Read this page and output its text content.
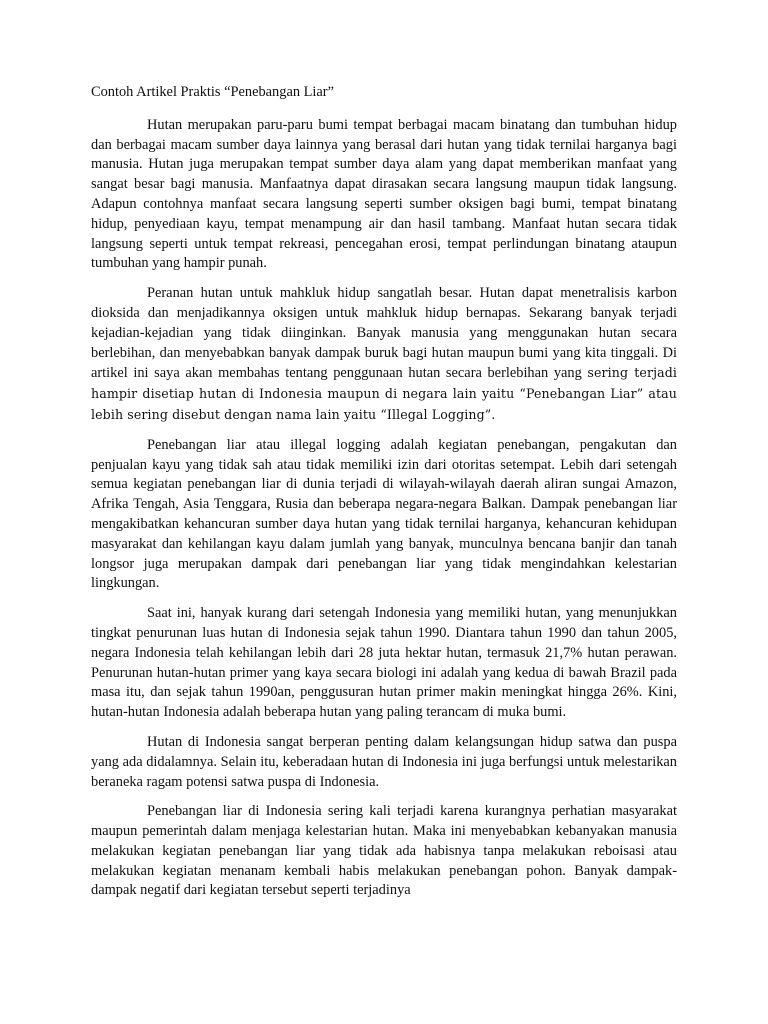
Contoh Artikel Praktis “Penebangan Liar”

Hutan merupakan paru-paru bumi tempat berbagai macam binatang dan tumbuhan hidup dan berbagai macam sumber daya lainnya yang berasal dari hutan yang tidak ternilai harganya bagi manusia. Hutan juga merupakan tempat sumber daya alam yang dapat memberikan manfaat yang sangat besar bagi manusia. Manfaatnya dapat dirasakan secara langsung maupun tidak langsung. Adapun contohnya manfaat secara langsung seperti sumber oksigen bagi bumi, tempat binatang hidup, penyediaan kayu, tempat menampung air dan hasil tambang. Manfaat hutan secara tidak langsung seperti untuk tempat rekreasi, pencegahan erosi, tempat perlindungan binatang ataupun tumbuhan yang hampir punah.

Peranan hutan untuk mahkluk hidup sangatlah besar. Hutan dapat menetralisis karbon dioksida dan menjadikannya oksigen untuk mahkluk hidup bernapas. Sekarang banyak terjadi kejadian-kejadian yang tidak diinginkan. Banyak manusia yang menggunakan hutan secara berlebihan, dan menyebabkan banyak dampak buruk bagi hutan maupun bumi yang kita tinggali. Di artikel ini saya akan membahas tentang penggunaan hutan secara berlebihan yang sering terjadi hampir disetiap hutan di Indonesia maupun di negara lain yaitu “Penebangan Liar” atau lebih sering disebut dengan nama lain yaitu “Illegal Logging”.

Penebangan liar atau illegal logging adalah kegiatan penebangan, pengakutan dan penjualan kayu yang tidak sah atau tidak memiliki izin dari otoritas setempat. Lebih dari setengah semua kegiatan penebangan liar di dunia terjadi di wilayah-wilayah daerah aliran sungai Amazon, Afrika Tengah, Asia Tenggara, Rusia dan beberapa negara-negara Balkan. Dampak penebangan liar mengakibatkan kehancuran sumber daya hutan yang tidak ternilai harganya, kehancuran kehidupan masyarakat dan kehilangan kayu dalam jumlah yang banyak, munculnya bencana banjir dan tanah longsor juga merupakan dampak dari penebangan liar yang tidak mengindahkan kelestarian lingkungan.

Saat ini, hanyak kurang dari setengah Indonesia yang memiliki hutan, yang menunjukkan tingkat penurunan luas hutan di Indonesia sejak tahun 1990. Diantara tahun 1990 dan tahun 2005, negara Indonesia telah kehilangan lebih dari 28 juta hektar hutan, termasuk 21,7% hutan perawan. Penurunan hutan-hutan primer yang kaya secara biologi ini adalah yang kedua di bawah Brazil pada masa itu, dan sejak tahun 1990an, penggusuran hutan primer makin meningkat hingga 26%. Kini, hutan-hutan Indonesia adalah beberapa hutan yang paling terancam di muka bumi.

Hutan di Indonesia sangat berperan penting dalam kelangsungan hidup satwa dan puspa yang ada didalamnya. Selain itu, keberadaan hutan di Indonesia ini juga berfungsi untuk melestarikan beraneka ragam potensi satwa puspa di Indonesia.

Penebangan liar di Indonesia sering kali terjadi karena kurangnya perhatian masyarakat maupun pemerintah dalam menjaga kelestarian hutan. Maka ini menyebabkan kebanyakan manusia melakukan kegiatan penebangan liar yang tidak ada habisnya tanpa melakukan reboisasi atau melakukan kegiatan menanam kembali habis melakukan penebangan pohon. Banyak dampak-dampak negatif dari kegiatan tersebut seperti terjadinya
